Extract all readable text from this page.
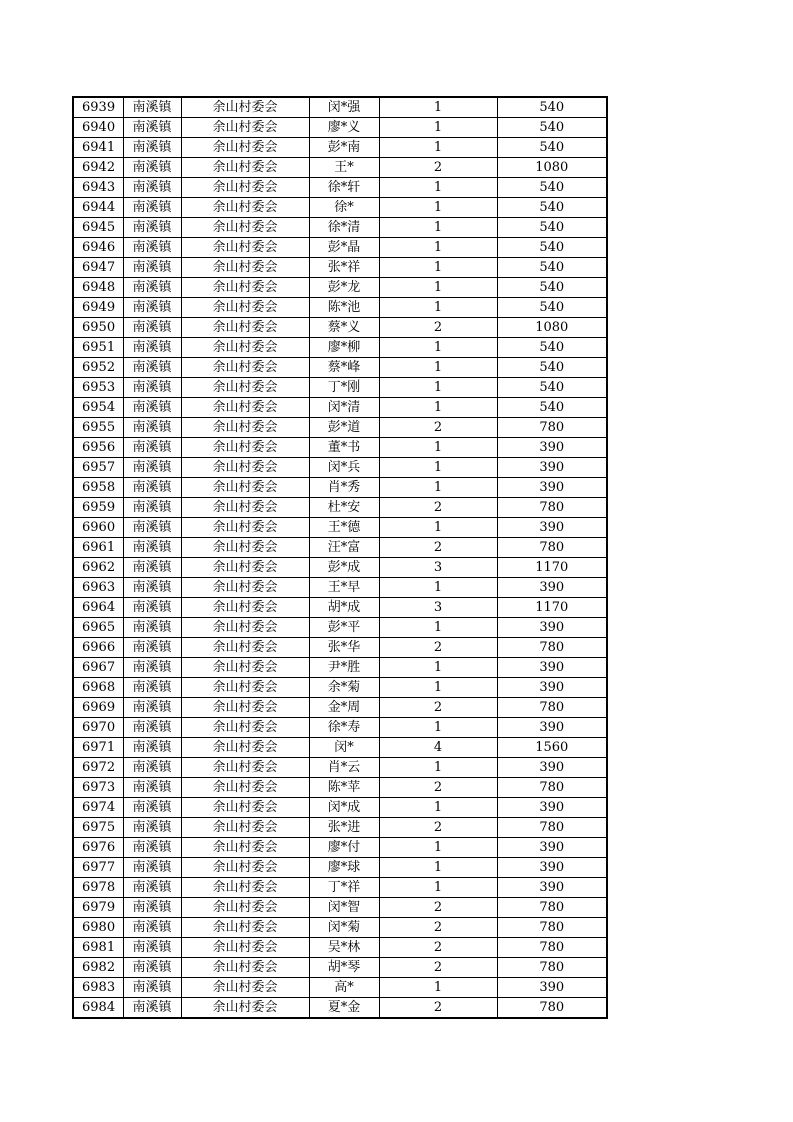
6939	南溪镇	余山村委会	闵*强	1	540
6940	南溪镇	余山村委会	廖*义	1	540
6941	南溪镇	余山村委会	彭*南	1	540
6942	南溪镇	余山村委会	王*	2	1080
6943	南溪镇	余山村委会	徐*轩	1	540
6944	南溪镇	余山村委会	徐*	1	540
6945	南溪镇	余山村委会	徐*清	1	540
6946	南溪镇	余山村委会	彭*晶	1	540
6947	南溪镇	余山村委会	张*祥	1	540
6948	南溪镇	余山村委会	彭*龙	1	540
6949	南溪镇	余山村委会	陈*池	1	540
6950	南溪镇	余山村委会	蔡*义	2	1080
6951	南溪镇	余山村委会	廖*柳	1	540
6952	南溪镇	余山村委会	蔡*峰	1	540
6953	南溪镇	余山村委会	丁*刚	1	540
6954	南溪镇	余山村委会	闵*清	1	540
6955	南溪镇	余山村委会	彭*道	2	780
6956	南溪镇	余山村委会	董*书	1	390
6957	南溪镇	余山村委会	闵*兵	1	390
6958	南溪镇	余山村委会	肖*秀	1	390
6959	南溪镇	余山村委会	杜*安	2	780
6960	南溪镇	余山村委会	王*德	1	390
6961	南溪镇	余山村委会	汪*富	2	780
6962	南溪镇	余山村委会	彭*成	3	1170
6963	南溪镇	余山村委会	王*早	1	390
6964	南溪镇	余山村委会	胡*成	3	1170
6965	南溪镇	余山村委会	彭*平	1	390
6966	南溪镇	余山村委会	张*华	2	780
6967	南溪镇	余山村委会	尹*胜	1	390
6968	南溪镇	余山村委会	余*菊	1	390
6969	南溪镇	余山村委会	金*周	2	780
6970	南溪镇	余山村委会	徐*寿	1	390
6971	南溪镇	余山村委会	闵*	4	1560
6972	南溪镇	余山村委会	肖*云	1	390
6973	南溪镇	余山村委会	陈*苹	2	780
6974	南溪镇	余山村委会	闵*成	1	390
6975	南溪镇	余山村委会	张*进	2	780
6976	南溪镇	余山村委会	廖*付	1	390
6977	南溪镇	余山村委会	廖*球	1	390
6978	南溪镇	余山村委会	丁*祥	1	390
6979	南溪镇	余山村委会	闵*智	2	780
6980	南溪镇	余山村委会	闵*菊	2	780
6981	南溪镇	余山村委会	吴*林	2	780
6982	南溪镇	余山村委会	胡*琴	2	780
6983	南溪镇	余山村委会	高*	1	390
6984	南溪镇	余山村委会	夏*金	2	780
